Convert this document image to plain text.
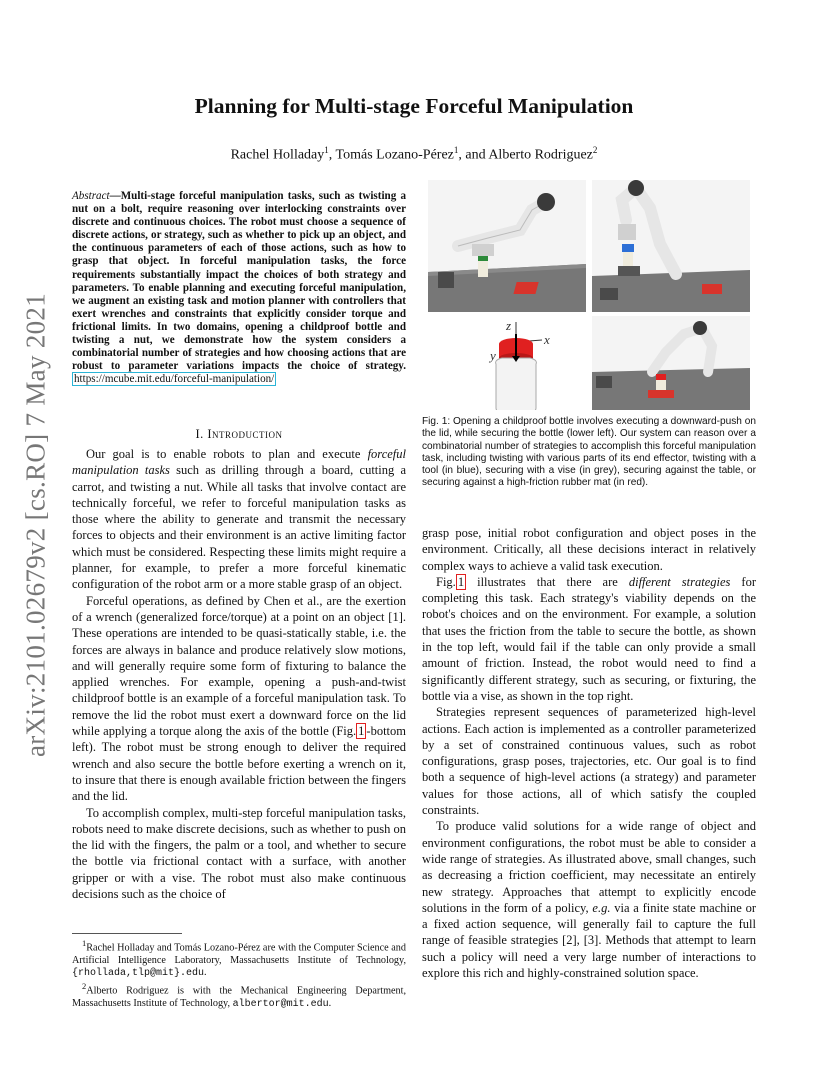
arXiv:2101.02679v2 [cs.RO] 7 May 2021
Planning for Multi-stage Forceful Manipulation
Rachel Holladay$^1$, Tomás Lozano-Pérez$^1$, and Alberto Rodriguez$^2$
Abstract—Multi-stage forceful manipulation tasks, such as twisting a nut on a bolt, require reasoning over interlocking constraints over discrete and continuous choices. The robot must choose a sequence of discrete actions, or strategy, such as whether to pick up an object, and the continuous parameters of each of those actions, such as how to grasp that object. In forceful manipulation tasks, the force requirements substantially impact the choices of both strategy and parameters. To enable planning and executing forceful manipulation, we augment an existing task and motion planner with controllers that exert wrenches and constraints that explicitly consider torque and frictional limits. In two domains, opening a childproof bottle and twisting a nut, we demonstrate how the system considers a combinatorial number of strategies and how choosing actions that are robust to parameter variations impacts the choice of strategy. https://mcube.mit.edu/forceful-manipulation/
I. Introduction

Our goal is to enable robots to plan and execute forceful manipulation tasks such as drilling through a board, cutting a carrot, and twisting a nut. While all tasks that involve contact are technically forceful, we refer to forceful manipulation tasks as those where the ability to generate and transmit the necessary forces to objects and their environment is an active limiting factor which must be considered. Respecting these limits might require a planner, for example, to prefer a more forceful kinematic configuration of the robot arm or a more stable grasp of an object.

Forceful operations, as defined by Chen et al., are the exertion of a wrench (generalized force/torque) at a point on an object [1]. These operations are intended to be quasi-statically stable, i.e. the forces are always in balance and produce relatively slow motions, and will generally require some form of fixturing to balance the applied wrenches. For example, opening a push-and-twist childproof bottle is an example of a forceful manipulation task. To remove the lid the robot must exert a downward force on the lid while applying a torque along the axis of the bottle (Fig. 1 -bottom left). The robot must be strong enough to deliver the required wrench and also secure the bottle before exerting a wrench on it, to insure that there is enough available friction between the fingers and the lid.

To accomplish complex, multi-step forceful manipulation tasks, robots need to make discrete decisions, such as whether to push on the lid with the fingers, the palm or a tool, and whether to secure the bottle via frictional contact with a surface, with another gripper or with a vise. The robot must also make continuous decisions such as the choice of

$^1$Rachel Holladay and Tomás Lozano-Pérez are with the Computer Science and Artificial Intelligence Laboratory, Massachusetts Institute of Technology, {rhollada,tlp@mit}.edu.

$^2$Alberto Rodriguez is with the Mechanical Engineering Department, Massachusetts Institute of Technology, albertor@mit.edu.

z
x
y
Fig. 1: Opening a childproof bottle involves executing a downward-push on the lid, while securing the bottle (lower left). Our system can reason over a combinatorial number of strategies to accomplish this forceful manipulation task, including twisting with various parts of its end effector, twisting with a tool (in blue), securing with a vise (in grey), securing against the table, or securing against a high-friction rubber mat (in red).

grasp pose, initial robot configuration and object poses in the environment. Critically, all these decisions interact in relatively complex ways to achieve a valid task execution.

Fig. 1 illustrates that there are different strategies for completing this task. Each strategy's viability depends on the robot's choices and on the environment. For example, a solution that uses the friction from the table to secure the bottle, as shown in the top left, would fail if the table can only provide a small amount of friction. Instead, the robot would need to find a significantly different strategy, such as securing, or fixturing, the bottle via a vise, as shown in the top right.

Strategies represent sequences of parameterized high-level actions. Each action is implemented as a controller parameterized by a set of constrained continuous values, such as robot configurations, grasp poses, trajectories, etc. Our goal is to find both a sequence of high-level actions (a strategy) and parameter values for those actions, all of which satisfy the coupled constraints.

To produce valid solutions for a wide range of object and environment configurations, the robot must be able to consider a wide range of strategies. As illustrated above, small changes, such as decreasing a friction coefficient, may necessitate an entirely new strategy. Approaches that attempt to explicitly encode solutions in the form of a policy, e.g. via a finite state machine or a fixed action sequence, will generally fail to capture the full range of feasible strategies [2], [3]. Methods that attempt to learn such a policy will need a very large number of interactions to explore this rich and highly-constrained solution space.
